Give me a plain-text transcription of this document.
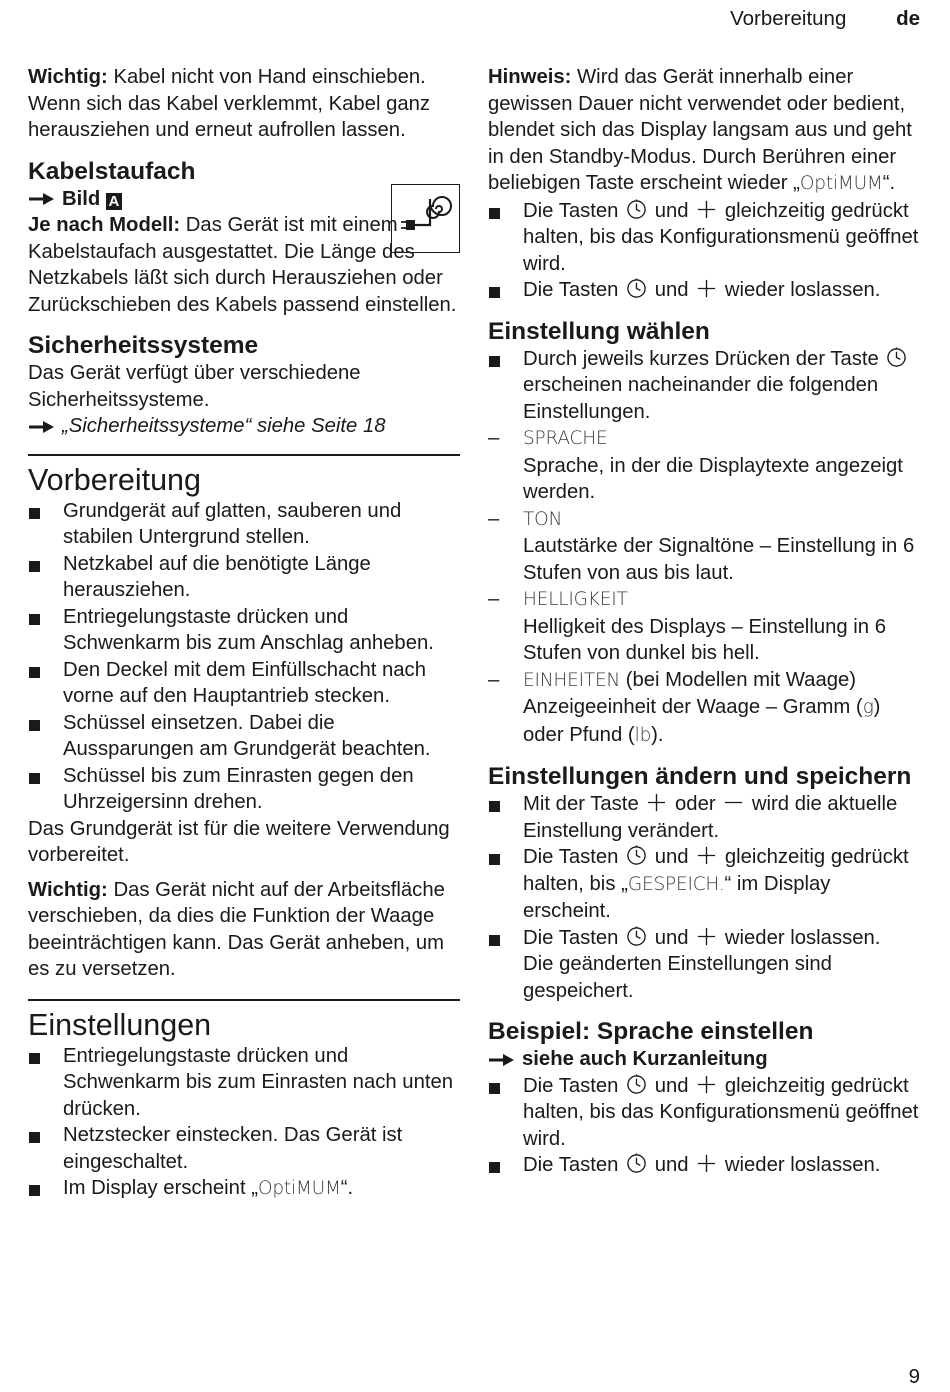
Vorbereitung de

Wichtig: Kabel nicht von Hand einschieben. Wenn sich das Kabel verklemmt, Kabel ganz herausziehen und erneut aufrollen lassen.

Kabelstaufach

Bild A

Je nach Modell: Das Gerät ist mit einem Kabelstaufach ausgestattet. Die Länge des Netzkabels läßt sich durch Herausziehen oder Zurückschieben des Kabels passend einstellen.

Sicherheitssysteme

Das Gerät verfügt über verschiedene Sicherheitssysteme.

„Sicherheitssysteme“ siehe Seite 18

Vorbereitung
Grundgerät auf glatten, sauberen und stabilen Untergrund stellen.
Netzkabel auf die benötigte Länge herausziehen.
Entriegelungstaste drücken und Schwenkarm bis zum Anschlag anheben.
Den Deckel mit dem Einfüllschacht nach vorne auf den Hauptantrieb stecken.
Schüssel einsetzen. Dabei die Aussparungen am Grundgerät beachten.
Schüssel bis zum Einrasten gegen den Uhrzeigersinn drehen.

Das Grundgerät ist für die weitere Verwendung vorbereitet.

Wichtig: Das Gerät nicht auf der Arbeitsfläche verschieben, da dies die Funktion der Waage beeinträchtigen kann. Das Gerät anheben, um es zu versetzen.

Einstellungen
Entriegelungstaste drücken und Schwenkarm bis zum Einrasten nach unten drücken.
Netzstecker einstecken. Das Gerät ist eingeschaltet.
Im Display erscheint „OptiMUM“.

Hinweis: Wird das Gerät innerhalb einer gewissen Dauer nicht verwendet oder bedient, blendet sich das Display langsam aus und geht in den Standby-Modus. Durch Berühren einer beliebigen Taste erscheint wieder „OptiMUM“.

Die Tasten und  gleichzeitig gedrückt halten, bis das Konfigurationsmenü geöffnet wird.
Die Tasten und  wieder loslassen.
Einstellung wählen
Durch jeweils kurzes Drücken der Taste  erscheinen nacheinander die folgenden Einstellungen.
– SPRACHE
Sprache, in der die Displaytexte angezeigt werden.
– TON
Lautstärke der Signaltöne – Einstellung in 6 Stufen von aus bis laut.
– HELLIGKEIT
Helligkeit des Displays – Einstellung in 6 Stufen von dunkel bis hell.
– EINHEITEN (bei Modellen mit Waage)
Anzeigeeinheit der Waage – Gramm (g) oder Pfund (lb).
Einstellungen ändern und speichern
Mit der Taste  oder  wird die aktuelle Einstellung verändert.
Die Tasten und  gleichzeitig gedrückt halten, bis „GESPEICH.“ im Display erscheint.
Die Tasten und  wieder loslassen.
Die geänderten Einstellungen sind gespeichert.
Beispiel: Sprache einstellen

siehe auch Kurzanleitung

Die Tasten und  gleichzeitig gedrückt halten, bis das Konfigurationsmenü geöffnet wird.
Die Tasten und  wieder loslassen.
9
